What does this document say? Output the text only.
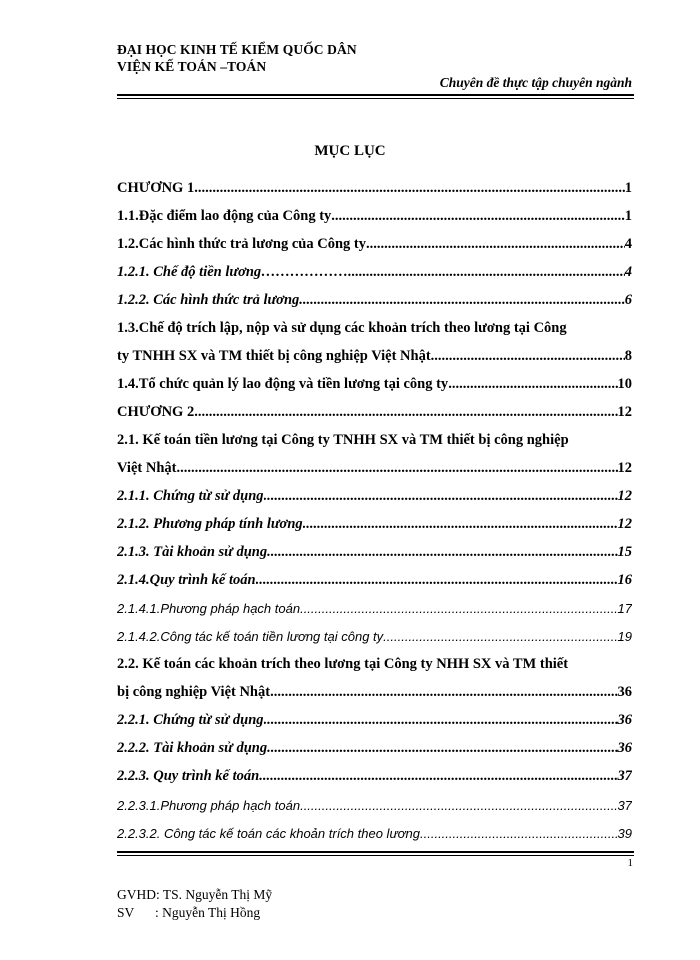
ĐẠI HỌC KINH TẾ KIỂM QUỐC DÂN
VIỆN KẾ TOÁN –TOÁN
Chuyên đề thực tập chuyên ngành
MỤC LỤC
CHƯƠNG 1 .....	1
1.1. Đặc điểm lao động của Công ty .....	1
1.2. Các hình thức trả lương của Công ty .....	4
1.2.1. Chế độ tiền lương………………. .....	4
1.2.2. Các hình thức trả lương .....	6
1.3.Chế độ trích lập, nộp và sử dụng các khoản trích theo lương tại Công
ty TNHH SX và TM thiết bị công nghiệp Việt Nhật .....	8
1.4.Tổ chức quản lý lao động và tiền lương tại công ty .....	10
CHƯƠNG 2 .....	12
2.1. Kế toán tiền lương tại Công ty TNHH SX và TM thiết bị công nghiệp
Việt Nhật .....	12
2.1.1. Chứng từ sử dụng .....	12
2.1.2. Phương pháp tính lương .....	12
2.1.3. Tài khoản sử dụng .....	15
2.1.4.Quy trình kế toán .....	16
2.1.4.1.Phương pháp hạch toán .....	17
2.1.4.2.Công tác kế toán tiền lương tại công ty .....	19
2.2. Kế toán các khoản trích theo lương tại Công ty NHH SX và TM thiết
bị công nghiệp Việt Nhật .....	36
2.2.1. Chứng từ sử dụng .....	36
2.2.2. Tài khoản sử dụng .....	36
2.2.3. Quy trình kế toán .....	37
2.2.3.1.Phương pháp hạch toán .....	37
2.2.3.2. Công tác kế toán các khoản trích theo lương .....	39
1
GVHD: TS. Nguyễn Thị Mỹ
SV : Nguyễn Thị Hồng
